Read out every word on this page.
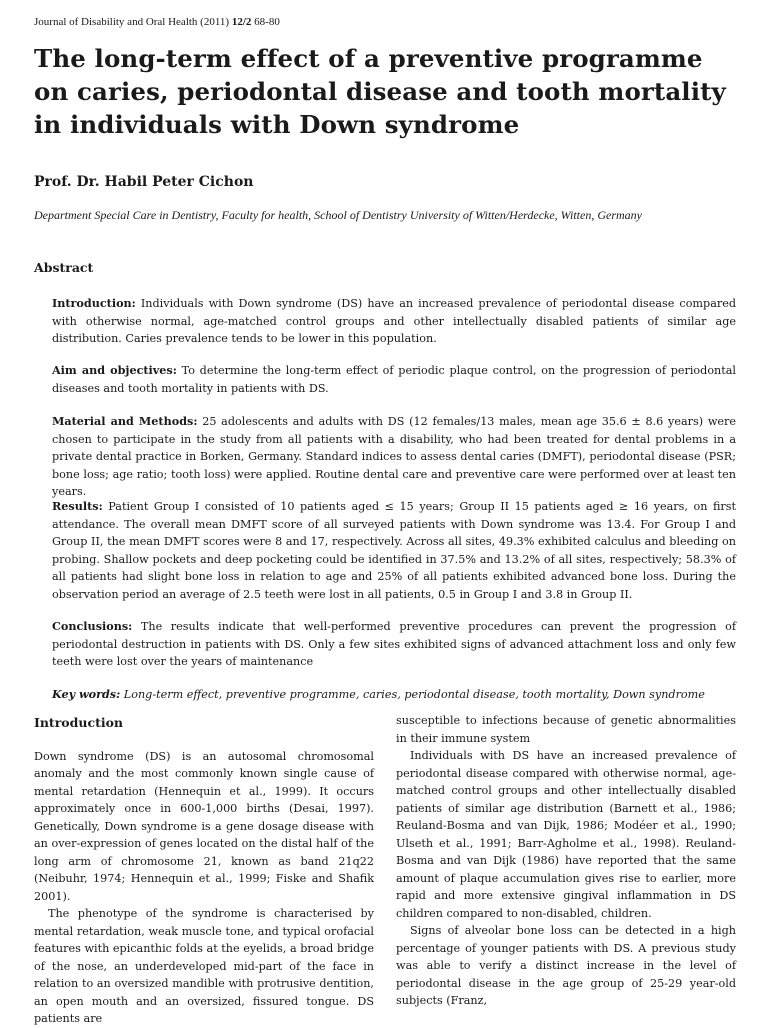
Journal of Disability and Oral Health (2011) 12/2 68-80
The long-term effect of a preventive programme on caries, periodontal disease and tooth mortality in individuals with Down syndrome
Prof. Dr. Habil Peter Cichon
Department Special Care in Dentistry, Faculty for health, School of Dentistry University of Witten/Herdecke, Witten, Germany
Abstract
Introduction: Individuals with Down syndrome (DS) have an increased prevalence of periodontal disease compared with otherwise normal, age-matched control groups and other intellectually disabled patients of similar age distribution. Caries prevalence tends to be lower in this population.
Aim and objectives: To determine the long-term effect of periodic plaque control, on the progression of periodontal diseases and tooth mortality in patients with DS.
Material and Methods: 25 adolescents and adults with DS (12 females/13 males, mean age 35.6 ± 8.6 years) were chosen to participate in the study from all patients with a disability, who had been treated for dental problems in a private dental practice in Borken, Germany. Standard indices to assess dental caries (DMFT), periodontal disease (PSR; bone loss; age ratio; tooth loss) were applied. Routine dental care and preventive care were performed over at least ten years.
Results: Patient Group I consisted of 10 patients aged ≤ 15 years; Group II 15 patients aged ≥ 16 years, on first attendance. The overall mean DMFT score of all surveyed patients with Down syndrome was 13.4. For Group I and Group II, the mean DMFT scores were 8 and 17, respectively. Across all sites, 49.3% exhibited calculus and bleeding on probing. Shallow pockets and deep pocketing could be identified in 37.5% and 13.2% of all sites, respectively; 58.3% of all patients had slight bone loss in relation to age and 25% of all patients exhibited advanced bone loss. During the observation period an average of 2.5 teeth were lost in all patients, 0.5 in Group I and 3.8 in Group II.
Conclusions: The results indicate that well-performed preventive procedures can prevent the progression of periodontal destruction in patients with DS. Only a few sites exhibited signs of advanced attachment loss and only few teeth were lost over the years of maintenance
Key words: Long-term effect, preventive programme, caries, periodontal disease, tooth mortality, Down syndrome
Introduction

Down syndrome (DS) is an autosomal chromosomal anomaly and the most commonly known single cause of mental retardation (Hennequin et al., 1999). It occurs approximately once in 600-1,000 births (Desai, 1997). Genetically, Down syndrome is a gene dosage disease with an over-expression of genes located on the distal half of the long arm of chromosome 21, known as band 21q22 (Neibuhr, 1974; Hennequin et al., 1999; Fiske and Shafik 2001).

The phenotype of the syndrome is characterised by mental retardation, weak muscle tone, and typical orofacial features with epicanthic folds at the eyelids, a broad bridge of the nose, an underdeveloped mid-part of the face in relation to an oversized mandible with protrusive dentition, an open mouth and an oversized, fissured tongue. DS patients are

susceptible to infections because of genetic abnormalities in their immune system

Individuals with DS have an increased prevalence of periodontal disease compared with otherwise normal, age-matched control groups and other intellectually disabled patients of similar age distribution (Barnett et al., 1986; Reuland-Bosma and van Dijk, 1986; Modéer et al., 1990; Ulseth et al., 1991; Barr-Agholme et al., 1998). Reuland-Bosma and van Dijk (1986) have reported that the same amount of plaque accumulation gives rise to earlier, more rapid and more extensive gingival inflammation in DS children compared to non-disabled, children.

Signs of alveolar bone loss can be detected in a high percentage of younger patients with DS. A previous study was able to verify a distinct increase in the level of periodontal disease in the age group of 25-29 year-old subjects (Franz,
